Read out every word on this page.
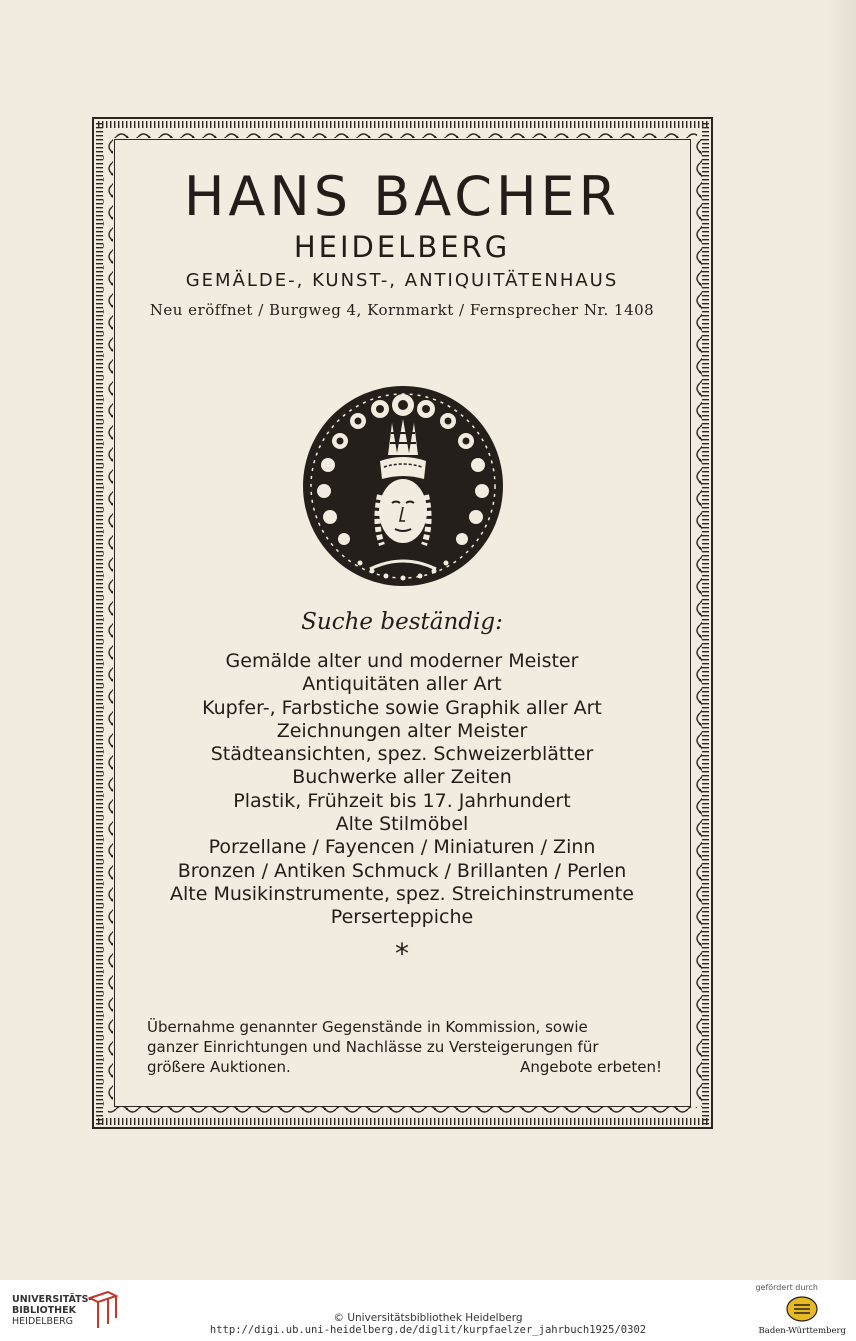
HANS BACHER
HEIDELBERG
GEMÄLDE-, KUNST-, ANTIQUITÄTENHAUS
Neu eröffnet / Burgweg 4, Kornmarkt / Fernsprecher Nr. 1408
Suche beständig:
Gemälde alter und moderner Meister
Antiquitäten aller Art
Kupfer-, Farbstiche sowie Graphik aller Art
Zeichnungen alter Meister
Städteansichten, spez. Schweizerblätter
Buchwerke aller Zeiten
Plastik, Frühzeit bis 17. Jahrhundert
Alte Stilmöbel
Porzellane / Fayencen / Miniaturen / Zinn
Bronzen / Antiken Schmuck / Brillanten / Perlen
Alte Musikinstrumente, spez. Streichinstrumente
Perserteppiche
*
Übernahme genannter Gegenstände in Kommission, sowie
ganzer Einrichtungen und Nachlässe zu Versteigerungen für
größere Auktionen.	Angebote erbeten!
UNIVERSITÄTS-
BIBLIOTHEK
HEIDELBERG	© Universitätsbibliothek Heidelberg
http://digi.ub.uni-heidelberg.de/diglit/kurpfaelzer_jahrbuch1925/0302
gefördert durch
Baden-Württemberg
